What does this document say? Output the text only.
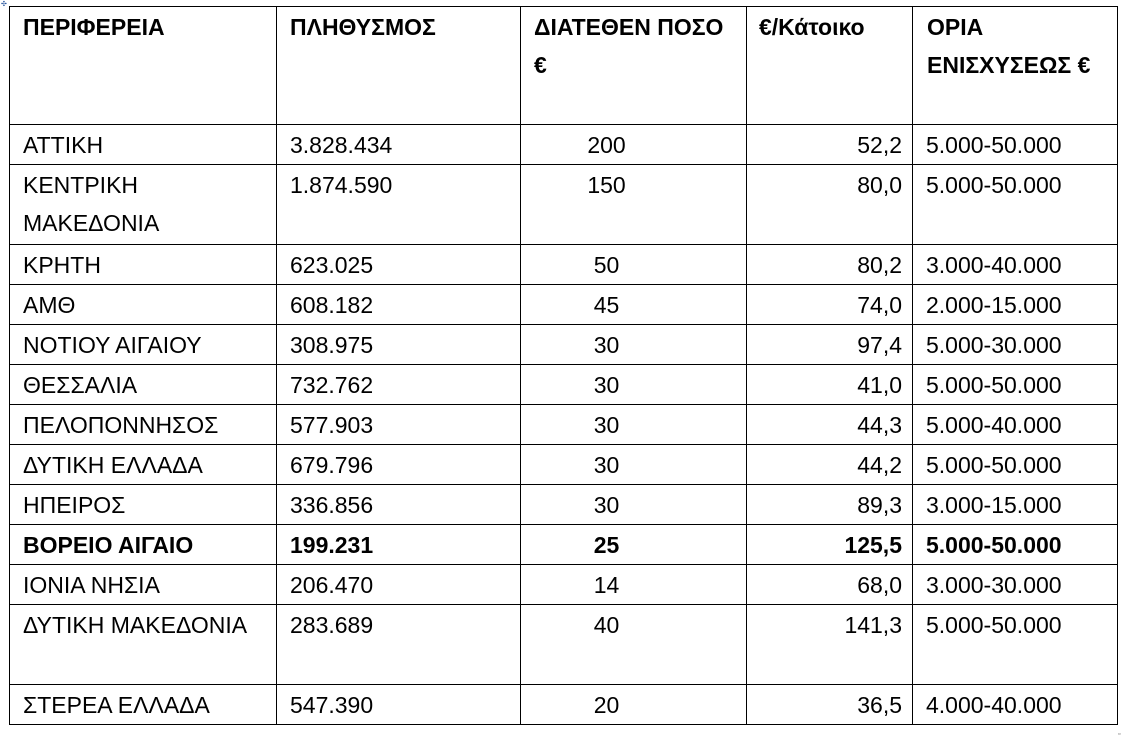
✣
ΠΕΡΙΦΕΡΕΙΑ	ΠΛΗΘΥΣΜΟΣ	ΔΙΑΤΕΘΕΝ ΠΟΣΟ €	€/Κάτοικο	ΟΡΙΑ ΕΝΙΣΧΥΣΕΩΣ €
ΑΤΤΙΚΗ	3.828.434	200	52,2	5.000-50.000
ΚΕΝΤΡΙΚΗ ΜΑΚΕΔΟΝΙΑ	1.874.590	150	80,0	5.000-50.000
ΚΡΗΤΗ	623.025	50	80,2	3.000-40.000
ΑΜΘ	608.182	45	74,0	2.000-15.000
ΝΟΤΙΟΥ ΑΙΓΑΙΟΥ	308.975	30	97,4	5.000-30.000
ΘΕΣΣΑΛΙΑ	732.762	30	41,0	5.000-50.000
ΠΕΛΟΠΟΝΝΗΣΟΣ	577.903	30	44,3	5.000-40.000
ΔΥΤΙΚΗ ΕΛΛΑΔΑ	679.796	30	44,2	5.000-50.000
ΗΠΕΙΡΟΣ	336.856	30	89,3	3.000-15.000
ΒΟΡΕΙΟ ΑΙΓΑΙΟ	199.231	25	125,5	5.000-50.000
ΙΟΝΙΑ ΝΗΣΙΑ	206.470	14	68,0	3.000-30.000
ΔΥΤΙΚΗ ΜΑΚΕΔΟΝΙΑ	283.689	40	141,3	5.000-50.000
ΣΤΕΡΕΑ ΕΛΛΑΔΑ	547.390	20	36,5	4.000-40.000
▫
